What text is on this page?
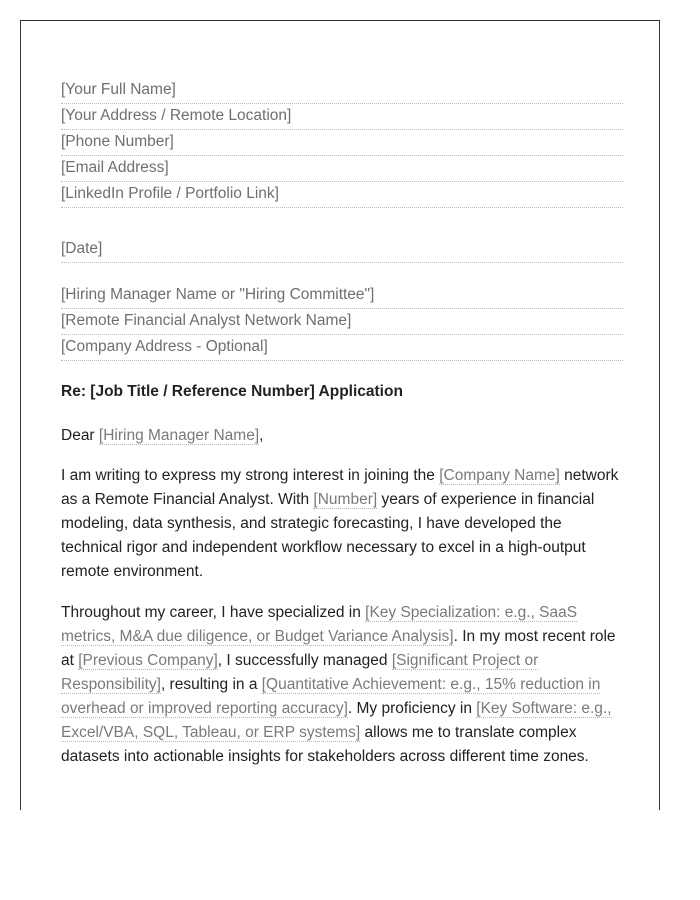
[Your Full Name]
[Your Address / Remote Location]
[Phone Number]
[Email Address]
[LinkedIn Profile / Portfolio Link]
[Date]
[Hiring Manager Name or "Hiring Committee"]
[Remote Financial Analyst Network Name]
[Company Address - Optional]
Re: [Job Title / Reference Number] Application
Dear [Hiring Manager Name],
I am writing to express my strong interest in joining the [Company Name] network as a Remote Financial Analyst. With [Number] years of experience in financial modeling, data synthesis, and strategic forecasting, I have developed the technical rigor and independent workflow necessary to excel in a high-output remote environment.
Throughout my career, I have specialized in [Key Specialization: e.g., SaaS metrics, M&A due diligence, or Budget Variance Analysis]. In my most recent role at [Previous Company], I successfully managed [Significant Project or Responsibility], resulting in a [Quantitative Achievement: e.g., 15% reduction in overhead or improved reporting accuracy]. My proficiency in [Key Software: e.g., Excel/VBA, SQL, Tableau, or ERP systems] allows me to translate complex datasets into actionable insights for stakeholders across different time zones.
